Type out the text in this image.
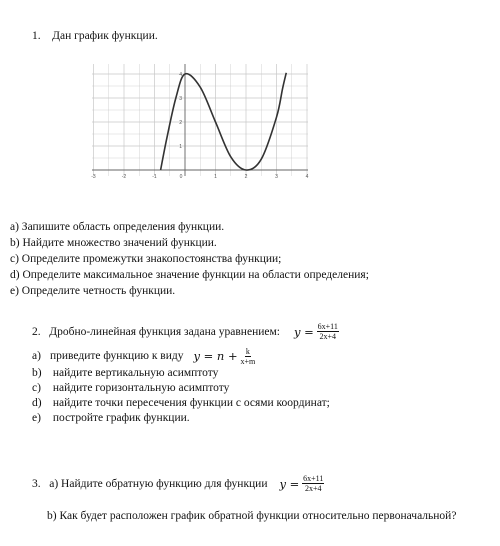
1. Дан график функции.
-3	-2	-1	0	1	2	3	4
1
2
3
4
a) Запишите область определения функции.
b) Найдите множество значений функции.
c) Определите промежутки знакопостоянства функции;
d) Определите максимальное значение функции на области определения;
e) Определите четность функции.
2.
Дробно-линейная функция задана уравнением: y =
$\frac{6x+11}{2x+4}$
a) приведите функцию к виду y = n +
$\frac{k}{x+m}$
b) найдите вертикальную асимптоту
c) найдите горизонтальную асимптоту
d) найдите точки пересечения функции с осями координат;
e) постройте график функции.
3.
a) Найдите обратную функцию для функции y =
$\frac{6x+11}{2x+4}$
b) Как будет расположен график обратной функции относительно первоначальной?
